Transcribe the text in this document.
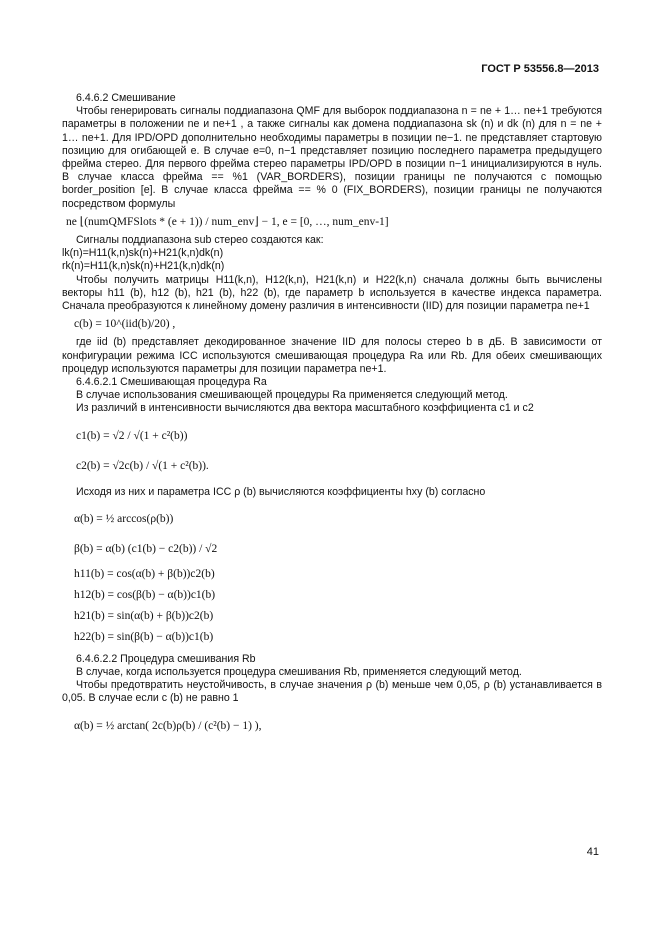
ГОСТ Р 53556.8—2013

6.4.6.2 Смешивание

Чтобы генерировать сигналы поддиапазона QMF для выборок поддиапазона n = ne + 1… ne+1 требуются параметры в положении ne и ne+1 , а также сигналы как домена поддиапазона sk (n) и dk (n) для n = ne + 1… ne+1. Для IPD/OPD дополнительно необходимы параметры в позиции ne−1. ne представляет стартовую позицию для огибающей e. В случае e=0, n−1 представляет позицию последнего параметра предыдущего фрейма стерео. Для первого фрейма стерео параметры IPD/OPD в позиции n−1 инициализируются в нуль. В случае класса фрейма == %1 (VAR_BORDERS), позиции границы ne получаются с помощью border_position [e]. В случае класса фрейма == % 0 (FIX_BORDERS), позиции границы ne получаются посредством формулы

ne ⌊(numQMFSlots * (e + 1)) / num_env⌋ − 1, e = [0, …, num_env-1]

Сигналы поддиапазона sub стерео создаются как:

lk(n)=H11(k,n)sk(n)+H21(k,n)dk(n)

rk(n)=H11(k,n)sk(n)+H21(k,n)dk(n)

Чтобы получить матрицы H11(k,n), H12(k,n), H21(k,n) и H22(k,n) сначала должны быть вычислены векторы h11 (b), h12 (b), h21 (b), h22 (b), где параметр b используется в качестве индекса параметра. Сначала преобразуются к линейному домену различия в интенсивности (IID) для позиции параметра ne+1

c(b) = 10^(iid(b)/20) ,

где iid (b) представляет декодированное значение IID для полосы стерео b в дБ. В зависимости от конфигурации режима ICC используются смешивающая процедура Ra или Rb. Для обеих смешивающих процедур используются параметры для позиции параметра ne+1.

6.4.6.2.1 Смешивающая процедура Ra

В случае использования смешивающей процедуры Ra применяется следующий метод.

Из различий в интенсивности вычисляются два вектора масштабного коэффициента c1 и c2

c1(b) = √2 / √(1 + c²(b))

c2(b) = √2c(b) / √(1 + c²(b)).

Исходя из них и параметра ICC ρ (b) вычисляются коэффициенты hxy (b) согласно

α(b) = ½ arccos(ρ(b))

β(b) = α(b) (c1(b) − c2(b)) / √2

h11(b) = cos(α(b) + β(b))c2(b)

h12(b) = cos(β(b) − α(b))c1(b)

h21(b) = sin(α(b) + β(b))c2(b)

h22(b) = sin(β(b) − α(b))c1(b)

6.4.6.2.2 Процедура смешивания Rb

В случае, когда используется процедура смешивания Rb, применяется следующий метод.

Чтобы предотвратить неустойчивость, в случае значения ρ (b) меньше чем 0,05, ρ (b) устанавливается в 0,05. В случае если c (b) не равно 1

α(b) = ½ arctan( 2c(b)ρ(b) / (c²(b) − 1) ),

41
